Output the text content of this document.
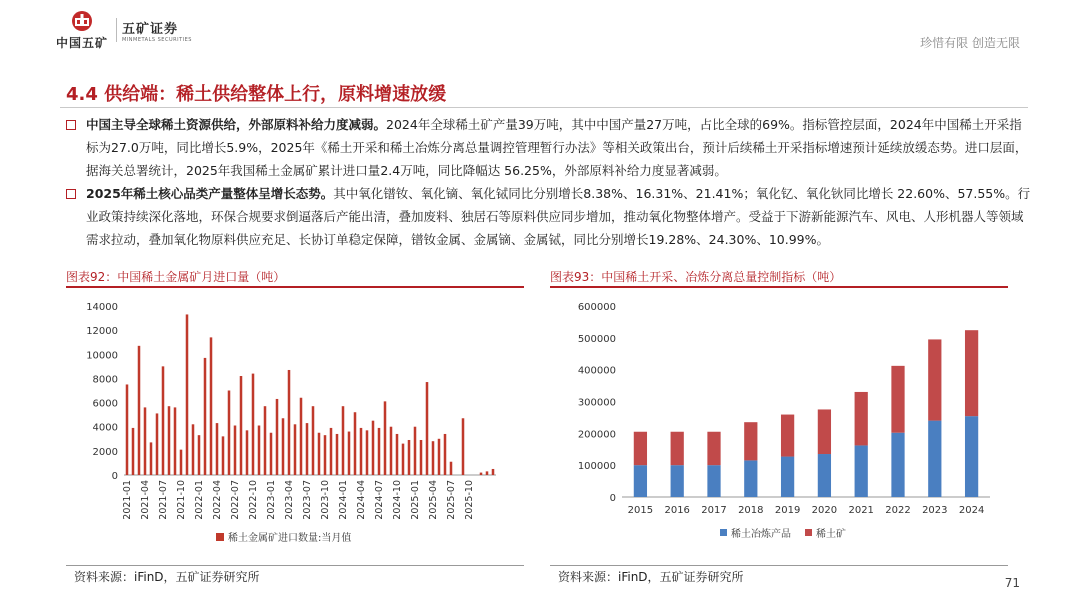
中国五矿
五矿证券
MINMETALS SECURITIES	珍惜有限 创造无限
4.4 供给端：稀土供给整体上行，原料增速放缓
中国主导全球稀土资源供给，外部原料补给力度减弱。2024年全球稀土矿产量39万吨，其中中国产量27万吨，占比全球的69%。指标管控层面，2024年中国稀土开采指标为27.0万吨，同比增长5.9%，2025年《稀土开采和稀土冶炼分离总量调控管理暂行办法》等相关政策出台，预计后续稀土开采指标增速预计延续放缓态势。进口层面，据海关总署统计，2025年我国稀土金属矿累计进口量2.4万吨，同比降幅达 56.25%，外部原料补给力度显著减弱。
2025年稀土核心品类产量整体呈增长态势。其中氧化镨钕、氧化镝、氧化铽同比分别增长8.38%、16.31%、21.41%；氧化钇、氧化钬同比增长 22.60%、57.55%。行业政策持续深化落地，环保合规要求倒逼落后产能出清，叠加废料、独居石等原料供应同步增加，推动氧化物整体增产。受益于下游新能源汽车、风电、人形机器人等领域需求拉动，叠加氧化物原料供应充足、长协订单稳定保障，镨钕金属、金属镝、金属铽，同比分别增长19.28%、24.30%、10.99%。
图表92：中国稀土金属矿月进口量（吨）	图表93：中国稀土开采、冶炼分离总量控制指标（吨）
0
2000
4000
6000
8000
10000
12000
14000
2021-01 2021-04 2021-07 2021-10 2022-01 2022-04 2022-07 2022-10 2023-01 2023-04 2023-07 2023-10 2024-01 2024-04 2024-07 2024-10 2025-01 2025-04 2025-07 2025-10
稀土金属矿进口数量:当月值
0
100000
200000
300000
400000
500000
600000
2015 2016 2017 2018 2019 2020 2021 2022 2023 2024
稀土冶炼产品	稀土矿
资料来源：iFinD，五矿证券研究所	资料来源：iFinD，五矿证券研究所	71
